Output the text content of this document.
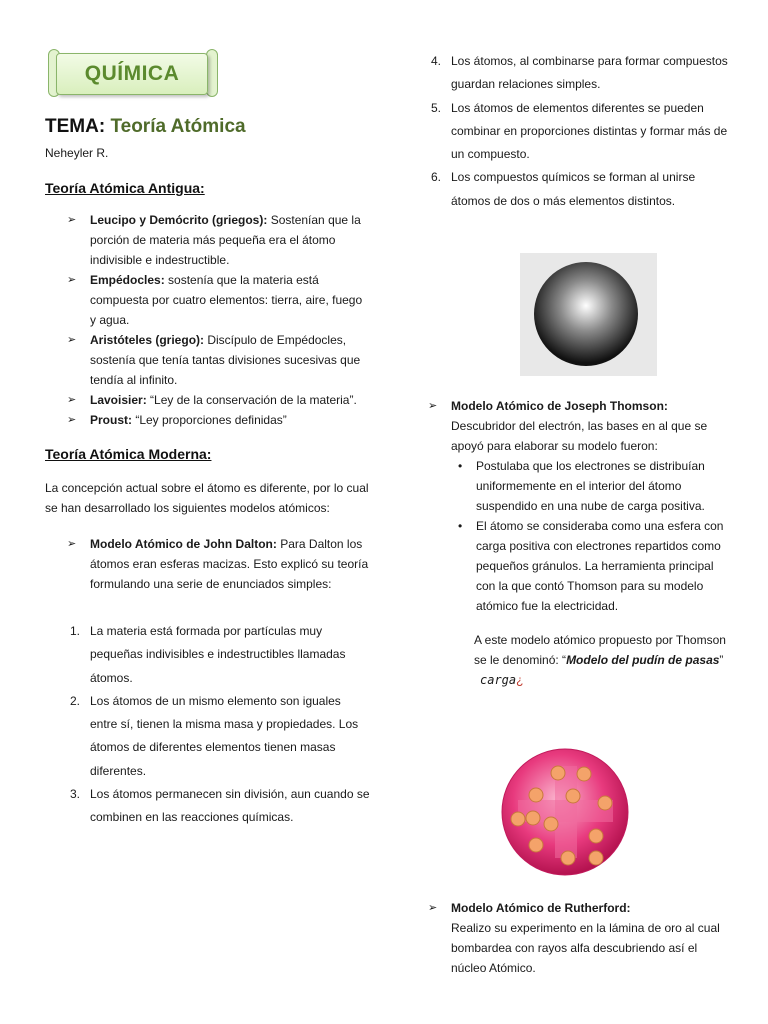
QUÍMICA
TEMA: Teoría Atómica
Neheyler R.
Teoría Atómica Antigua:
➢ Leucipo y Demócrito (griegos): Sostenían que la porción de materia más pequeña era el átomo indivisible e indestructible.
➢ Empédocles: sostenía que la materia está compuesta por cuatro elementos: tierra, aire, fuego y agua.
➢ Aristóteles (griego): Discípulo de Empédocles, sostenía que tenía tantas divisiones sucesivas que tendía al infinito.
➢ Lavoisier: “Ley de la conservación de la materia”.
➢ Proust: “Ley proporciones definidas”
Teoría Atómica Moderna:
La concepción actual sobre el átomo es diferente, por lo cual se han desarrollado los siguientes modelos atómicos:
➢ Modelo Atómico de John Dalton: Para Dalton los átomos eran esferas macizas. Esto explicó su teoría formulando una serie de enunciados simples:
1. La materia está formada por partículas muy pequeñas indivisibles e indestructibles llamadas átomos.
2. Los átomos de un mismo elemento son iguales entre sí, tienen la misma masa y propiedades. Los átomos de diferentes elementos tienen masas diferentes.
3. Los átomos permanecen sin división, aun cuando se combinen en las reacciones químicas.
4. Los átomos, al combinarse para formar compuestos guardan relaciones simples.
5. Los átomos de elementos diferentes se pueden combinar en proporciones distintas y formar más de un compuesto.
6. Los compuestos químicos se forman al unirse átomos de dos o más elementos distintos.
➢ Modelo Atómico de Joseph Thomson:
Descubridor del electrón, las bases en al que se apoyó para elaborar su modelo fueron:
• Postulaba que los electrones se distribuían uniformemente en el interior del átomo suspendido en una nube de carga positiva.
• El átomo se consideraba como una esfera con carga positiva con electrones repartidos como pequeños gránulos. La herramienta principal con la que contó Thomson para su modelo atómico fue la electricidad.
A este modelo atómico propuesto por Thomson se le denominó: “Modelo del pudín de pasas” carga¿
➢ Modelo Atómico de Rutherford:
Realizo su experimento en la lámina de oro al cual bombardea con rayos alfa descubriendo así el núcleo Atómico.
